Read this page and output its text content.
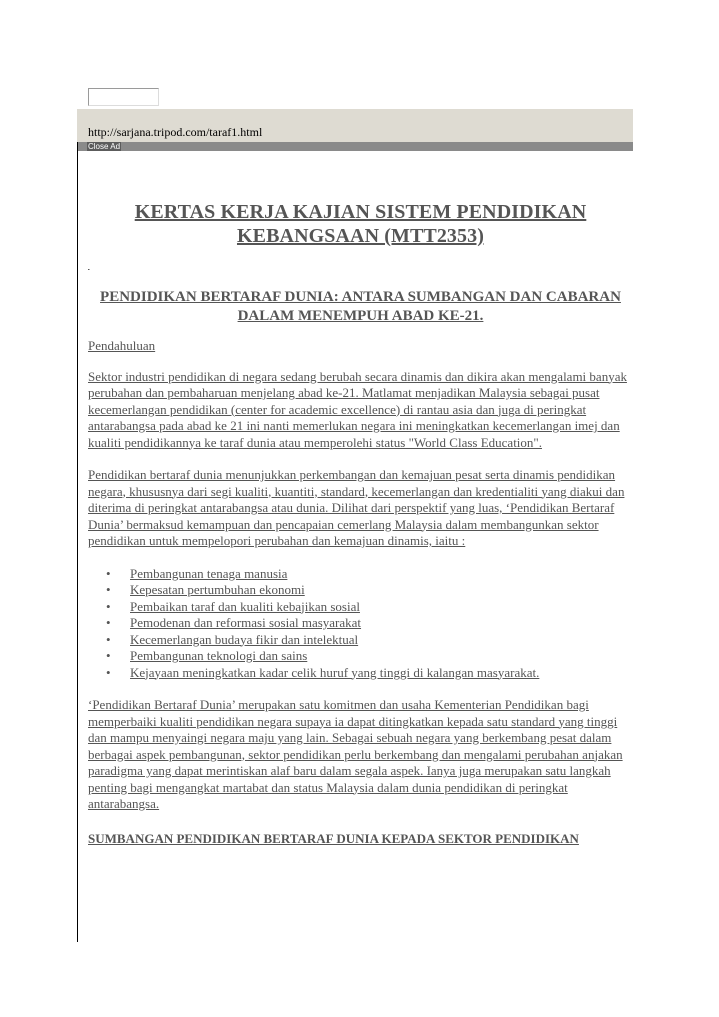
http://sarjana.tripod.com/taraf1.html
Close Ad
KERTAS KERJA KAJIAN SISTEM PENDIDIKAN KEBANGSAAN (MTT2353)

PENDIDIKAN BERTARAF DUNIA: ANTARA SUMBANGAN DAN CABARAN DALAM MENEMPUH ABAD KE-21.

Pendahuluan

Sektor industri pendidikan di negara sedang berubah secara dinamis dan dikira akan mengalami banyak perubahan dan pembaharuan menjelang abad ke-21. Matlamat menjadikan Malaysia sebagai pusat kecemerlangan pendidikan (center for academic excellence) di rantau asia dan juga di peringkat antarabangsa pada abad ke 21 ini nanti memerlukan negara ini meningkatkan kecemerlangan imej dan kualiti pendidikannya ke taraf dunia atau memperolehi status "World Class Education".

Pendidikan bertaraf dunia menunjukkan perkembangan dan kemajuan pesat serta dinamis pendidikan negara, khususnya dari segi kualiti, kuantiti, standard, kecemerlangan dan kredentialiti yang diakui dan diterima di peringkat antarabangsa atau dunia. Dilihat dari perspektif yang luas, ‘Pendidikan Bertaraf Dunia’ bermaksud kemampuan dan pencapaian cemerlang Malaysia dalam membangunkan sektor pendidikan untuk mempelopori perubahan dan kemajuan dinamis, iaitu :

• Pembangunan tenaga manusia
• Kepesatan pertumbuhan ekonomi
• Pembaikan taraf dan kualiti kebajikan sosial
• Pemodenan dan reformasi sosial masyarakat
• Kecemerlangan budaya fikir dan intelektual
• Pembangunan teknologi dan sains
• Kejayaan meningkatkan kadar celik huruf yang tinggi di kalangan masyarakat.

‘Pendidikan Bertaraf Dunia’ merupakan satu komitmen dan usaha Kementerian Pendidikan bagi memperbaiki kualiti pendidikan negara supaya ia dapat ditingkatkan kepada satu standard yang tinggi dan mampu menyaingi negara maju yang lain. Sebagai sebuah negara yang berkembang pesat dalam berbagai aspek pembangunan, sektor pendidikan perlu berkembang dan mengalami perubahan anjakan paradigma yang dapat merintiskan alaf baru dalam segala aspek. Ianya juga merupakan satu langkah penting bagi mengangkat martabat dan status Malaysia dalam dunia pendidikan di peringkat antarabangsa.

SUMBANGAN PENDIDIKAN BERTARAF DUNIA KEPADA SEKTOR PENDIDIKAN
